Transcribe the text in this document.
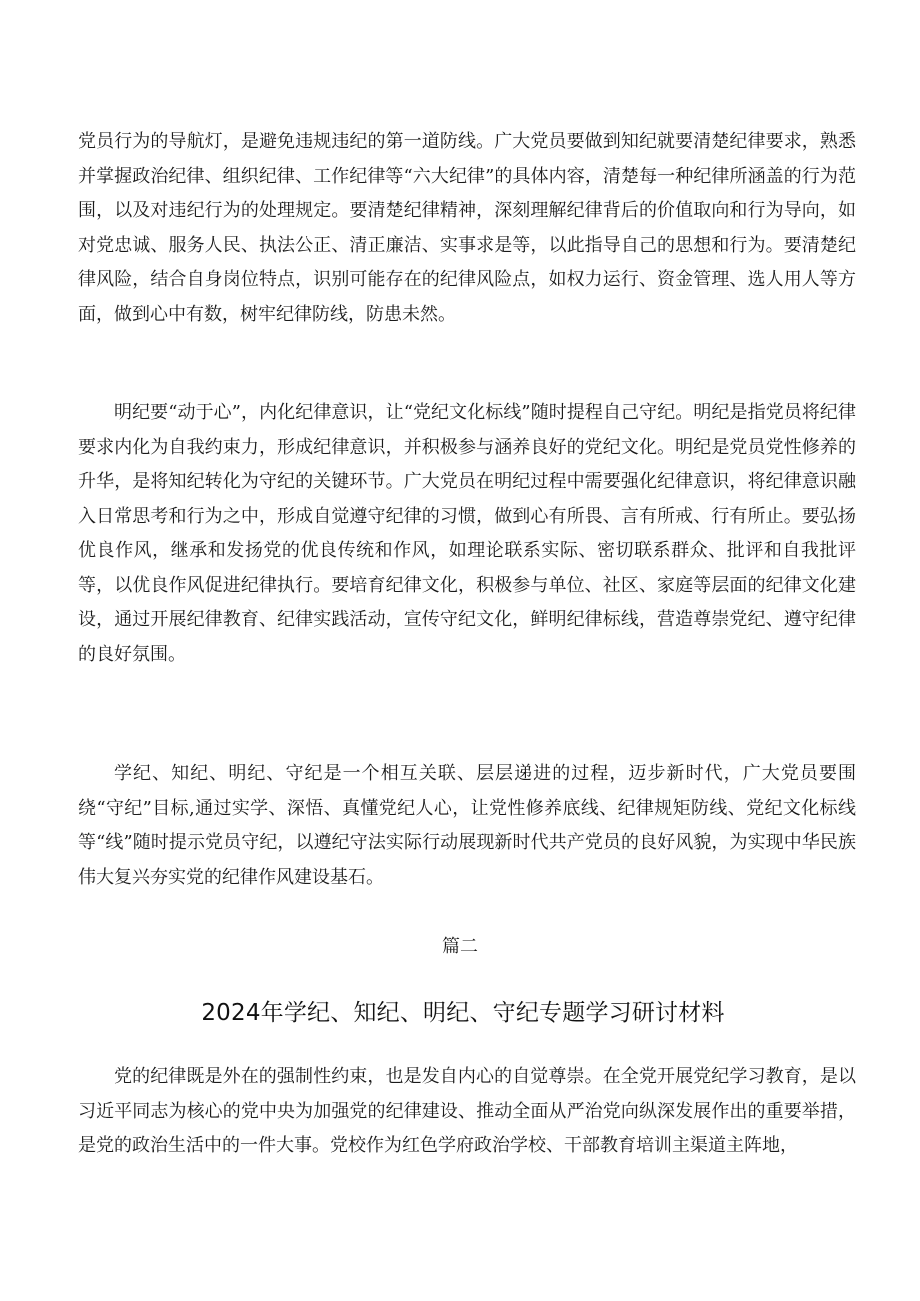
党员行为的导航灯，是避免违规违纪的第一道防线。广大党员要做到知纪就要清楚纪律要求，熟悉并掌握政治纪律、组织纪律、工作纪律等“六大纪律”的具体内容，清楚每一种纪律所涵盖的行为范围，以及对违纪行为的处理规定。要清楚纪律精神，深刻理解纪律背后的价值取向和行为导向，如对党忠诚、服务人民、执法公正、清正廉洁、实事求是等，以此指导自己的思想和行为。要清楚纪律风险，结合自身岗位特点，识别可能存在的纪律风险点，如权力运行、资金管理、选人用人等方面，做到心中有数，树牢纪律防线，防患未然。

明纪要“动于心”，内化纪律意识，让“党纪文化标线”随时提程自己守纪。明纪是指党员将纪律要求内化为自我约束力，形成纪律意识，并积极参与涵养良好的党纪文化。明纪是党员党性修养的升华，是将知纪转化为守纪的关键环节。广大党员在明纪过程中需要强化纪律意识，将纪律意识融入日常思考和行为之中，形成自觉遵守纪律的习惯，做到心有所畏、言有所戒、行有所止。要弘扬优良作风，继承和发扬党的优良传统和作风，如理论联系实际、密切联系群众、批评和自我批评等，以优良作风促进纪律执行。要培育纪律文化，积极参与单位、社区、家庭等层面的纪律文化建设，通过开展纪律教育、纪律实践活动，宣传守纪文化，鲜明纪律标线，营造尊崇党纪、遵守纪律的良好氛围。

学纪、知纪、明纪、守纪是一个相互关联、层层递进的过程，迈步新时代，广大党员要围绕“守纪”目标,通过实学、深悟、真懂党纪人心，让党性修养底线、纪律规矩防线、党纪文化标线等“线”随时提示党员守纪，以遵纪守法实际行动展现新时代共产党员的良好风貌，为实现中华民族伟大复兴夯实党的纪律作风建设基石。

篇二

2024年学纪、知纪、明纪、守纪专题学习研讨材料

党的纪律既是外在的强制性约束，也是发自内心的自觉尊崇。在全党开展党纪学习教育，是以习近平同志为核心的党中央为加强党的纪律建设、推动全面从严治党向纵深发展作出的重要举措，是党的政治生活中的一件大事。党校作为红色学府政治学校、干部教育培训主渠道主阵地，
